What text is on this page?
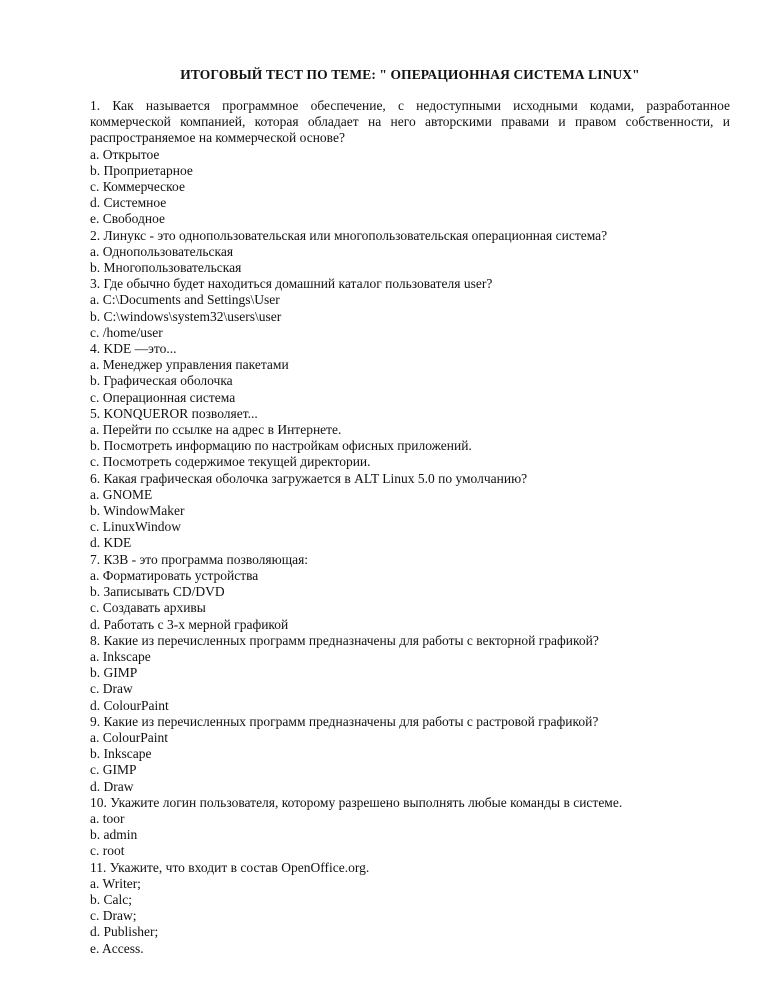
ИТОГОВЫЙ ТЕСТ ПО ТЕМЕ: " ОПЕРАЦИОННАЯ СИСТЕМА LINUX"

1. Как называется программное обеспечение, с недоступными исходными кодами, разработанное коммерческой компанией, которая обладает на него авторскими правами и правом собственности, и распространяемое на коммерческой основе?

a. Открытое

b. Проприетарное

c. Коммерческое

d. Системное

e. Свободное

2. Линукс - это однопользовательская или многопользовательская операционная система?

a. Однопользовательская

b. Многопользовательская

3. Где обычно будет находиться домашний каталог пользователя user?

a. C:\Documents and Settings\User

b. C:\windows\system32\users\user

c. /home/user

4. KDE —это...

a. Менеджер управления пакетами

b. Графическая оболочка

c. Операционная система

5. KONQUEROR позволяет...

a. Перейти по ссылке на адрес в Интернете.

b. Посмотреть информацию по настройкам офисных приложений.

c. Посмотреть содержимое текущей директории.

6. Какая графическая оболочка загружается в ALT Linux 5.0 по умолчанию?

a. GNOME

b. WindowMaker

c. LinuxWindow

d. KDE

7. К3В - это программа позволяющая:

a. Форматировать устройства

b. Записывать CD/DVD

c. Создавать архивы

d. Работать с 3-х мерной графикой

8. Какие из перечисленных программ предназначены для работы с векторной графикой?

a. Inkscape

b. GIMP

c. Draw

d. ColourPaint

9. Какие из перечисленных программ предназначены для работы с растровой графикой?

a. ColourPaint

b. Inkscape

c. GIMP

d. Draw

10. Укажите логин пользователя, которому разрешено выполнять любые команды в системе.

a. toor

b. admin

c. root

11. Укажите, что входит в состав OpenOffice.org.

a. Writer;

b. Calc;

c. Draw;

d. Publisher;

e. Access.
